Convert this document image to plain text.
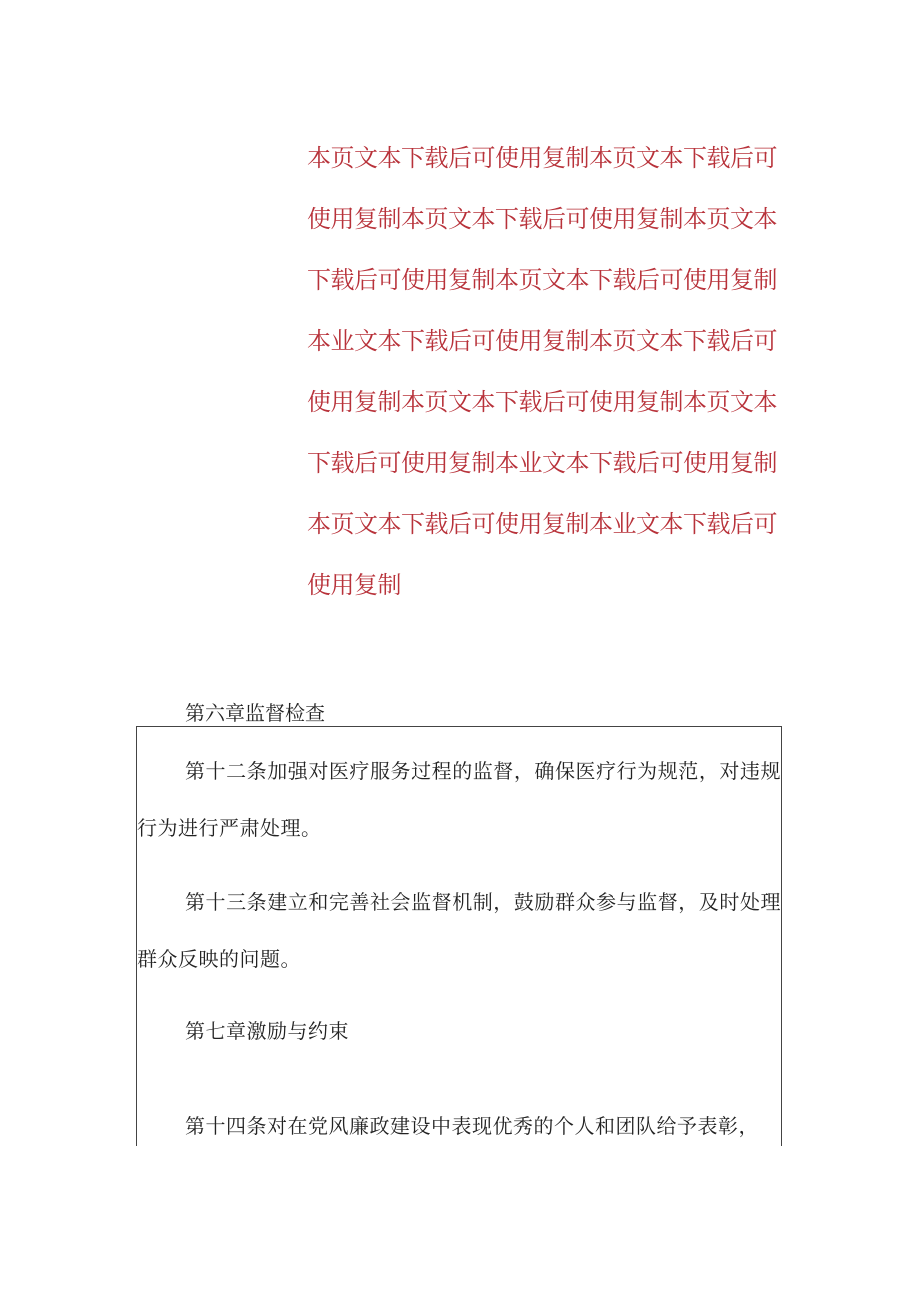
本页文本下载后可使用复制本页文本下载后可使用复制本页文本下载后可使用复制本页文本下载后可使用复制本页文本下载后可使用复制本业文本下载后可使用复制本页文本下载后可使用复制本页文本下载后可使用复制本页文本下载后可使用复制本业文本下载后可使用复制本页文本下载后可使用复制本业文本下载后可使用复制

第六章监督检查

第十二条加强对医疗服务过程的监督，确保医疗行为规范，对违规行为进行严肃处理。

第十三条建立和完善社会监督机制，鼓励群众参与监督，及时处理群众反映的问题。

第七章激励与约束

第十四条对在党风廉政建设中表现优秀的个人和团队给予表彰，
